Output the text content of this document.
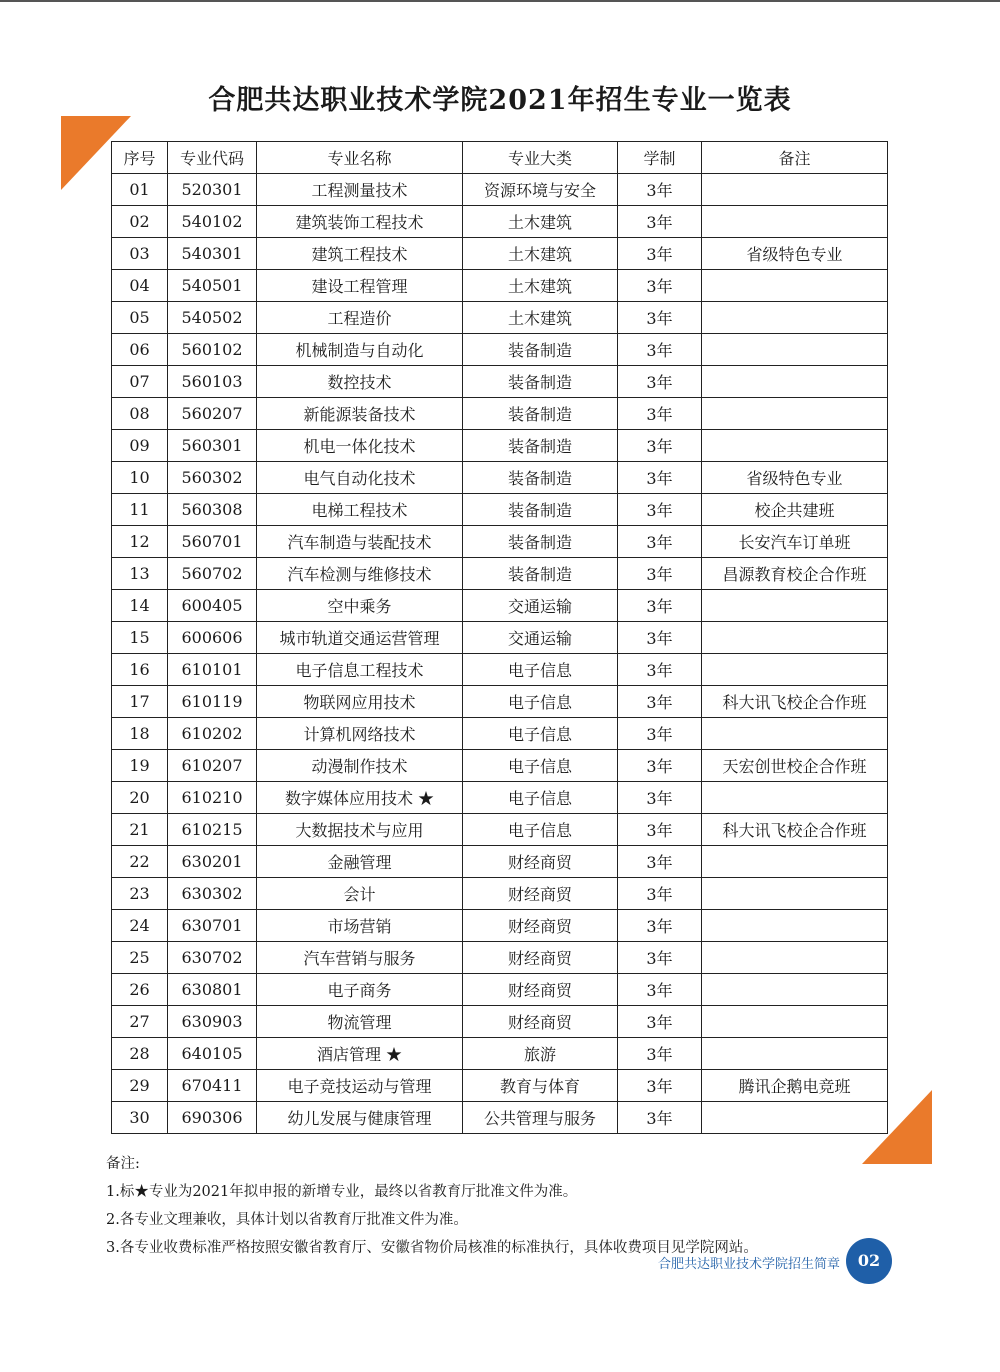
合肥共达职业技术学院2021年招生专业一览表
序号	专业代码	专业名称	专业大类	学制	备注
01	520301	工程测量技术	资源环境与安全	3年	
02	540102	建筑装饰工程技术	土木建筑	3年	
03	540301	建筑工程技术	土木建筑	3年	省级特色专业
04	540501	建设工程管理	土木建筑	3年	
05	540502	工程造价	土木建筑	3年	
06	560102	机械制造与自动化	装备制造	3年	
07	560103	数控技术	装备制造	3年	
08	560207	新能源装备技术	装备制造	3年	
09	560301	机电一体化技术	装备制造	3年	
10	560302	电气自动化技术	装备制造	3年	省级特色专业
11	560308	电梯工程技术	装备制造	3年	校企共建班
12	560701	汽车制造与装配技术	装备制造	3年	长安汽车订单班
13	560702	汽车检测与维修技术	装备制造	3年	昌源教育校企合作班
14	600405	空中乘务	交通运输	3年	
15	600606	城市轨道交通运营管理	交通运输	3年	
16	610101	电子信息工程技术	电子信息	3年	
17	610119	物联网应用技术	电子信息	3年	科大讯飞校企合作班
18	610202	计算机网络技术	电子信息	3年	
19	610207	动漫制作技术	电子信息	3年	天宏创世校企合作班
20	610210	数字媒体应用技术 ★	电子信息	3年	
21	610215	大数据技术与应用	电子信息	3年	科大讯飞校企合作班
22	630201	金融管理	财经商贸	3年	
23	630302	会计	财经商贸	3年	
24	630701	市场营销	财经商贸	3年	
25	630702	汽车营销与服务	财经商贸	3年	
26	630801	电子商务	财经商贸	3年	
27	630903	物流管理	财经商贸	3年	
28	640105	酒店管理 ★	旅游	3年	
29	670411	电子竞技运动与管理	教育与体育	3年	腾讯企鹅电竞班
30	690306	幼儿发展与健康管理	公共管理与服务	3年	
备注:
1.标★专业为2021年拟申报的新增专业，最终以省教育厅批准文件为准。
2.各专业文理兼收，具体计划以省教育厅批准文件为准。
3.各专业收费标准严格按照安徽省教育厅、安徽省物价局核准的标准执行，具体收费项目见学院网站。
合肥共达职业技术学院招生简章	02
